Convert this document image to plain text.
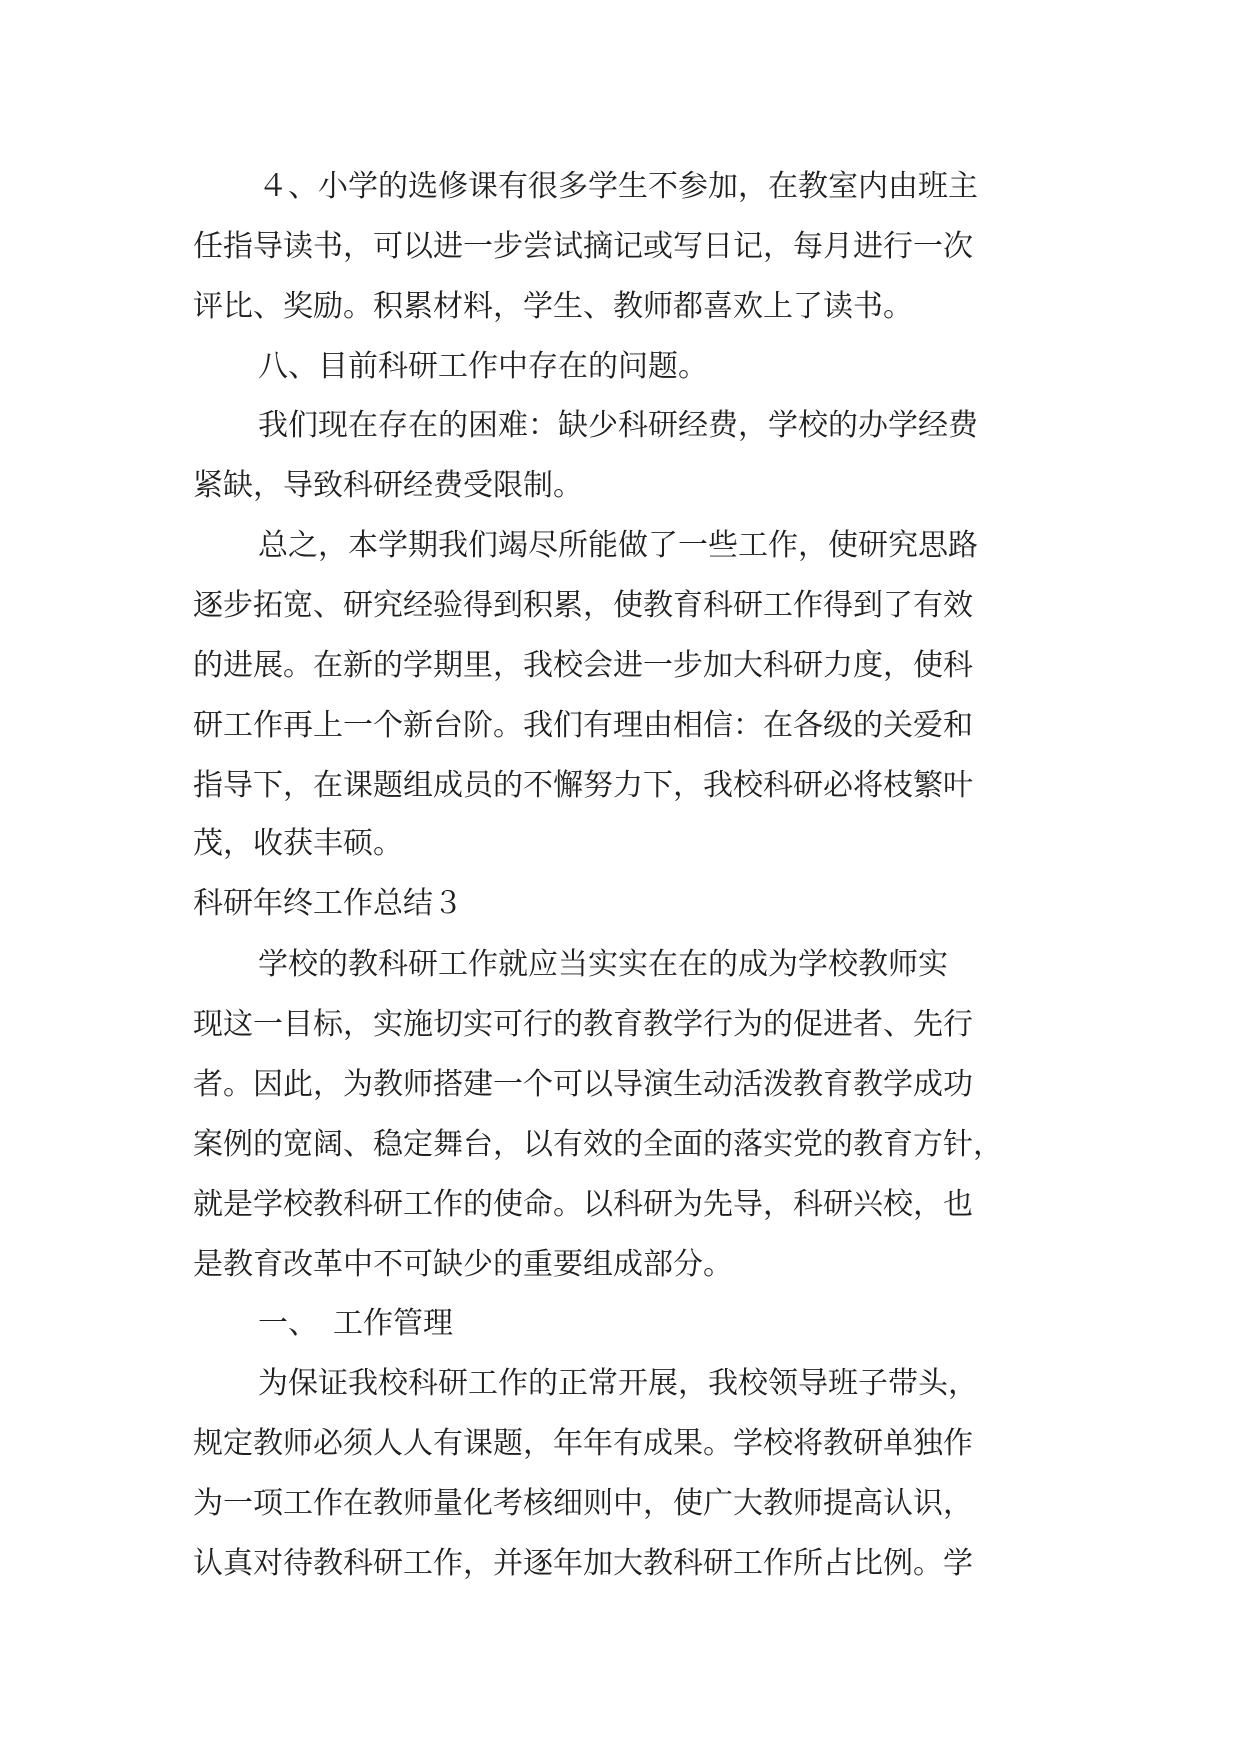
４、小学的选修课有很多学生不参加，在教室内由班主
任指导读书，可以进一步尝试摘记或写日记，每月进行一次
评比、奖励。积累材料，学生、教师都喜欢上了读书。
八、目前科研工作中存在的问题。
我们现在存在的困难：缺少科研经费，学校的办学经费
紧缺，导致科研经费受限制。
总之，本学期我们竭尽所能做了一些工作，使研究思路
逐步拓宽、研究经验得到积累，使教育科研工作得到了有效
的进展。在新的学期里，我校会进一步加大科研力度，使科
研工作再上一个新台阶。我们有理由相信：在各级的关爱和
指导下，在课题组成员的不懈努力下，我校科研必将枝繁叶
茂，收获丰硕。
科研年终工作总结３
学校的教科研工作就应当实实在在的成为学校教师实
现这一目标，实施切实可行的教育教学行为的促进者、先行
者。因此，为教师搭建一个可以导演生动活泼教育教学成功
案例的宽阔、稳定舞台，以有效的全面的落实党的教育方针，
就是学校教科研工作的使命。以科研为先导，科研兴校，也
是教育改革中不可缺少的重要组成部分。
一、　工作管理
为保证我校科研工作的正常开展，我校领导班子带头，
规定教师必须人人有课题，年年有成果。学校将教研单独作
为一项工作在教师量化考核细则中，使广大教师提高认识，
认真对待教科研工作，并逐年加大教科研工作所占比例。学
